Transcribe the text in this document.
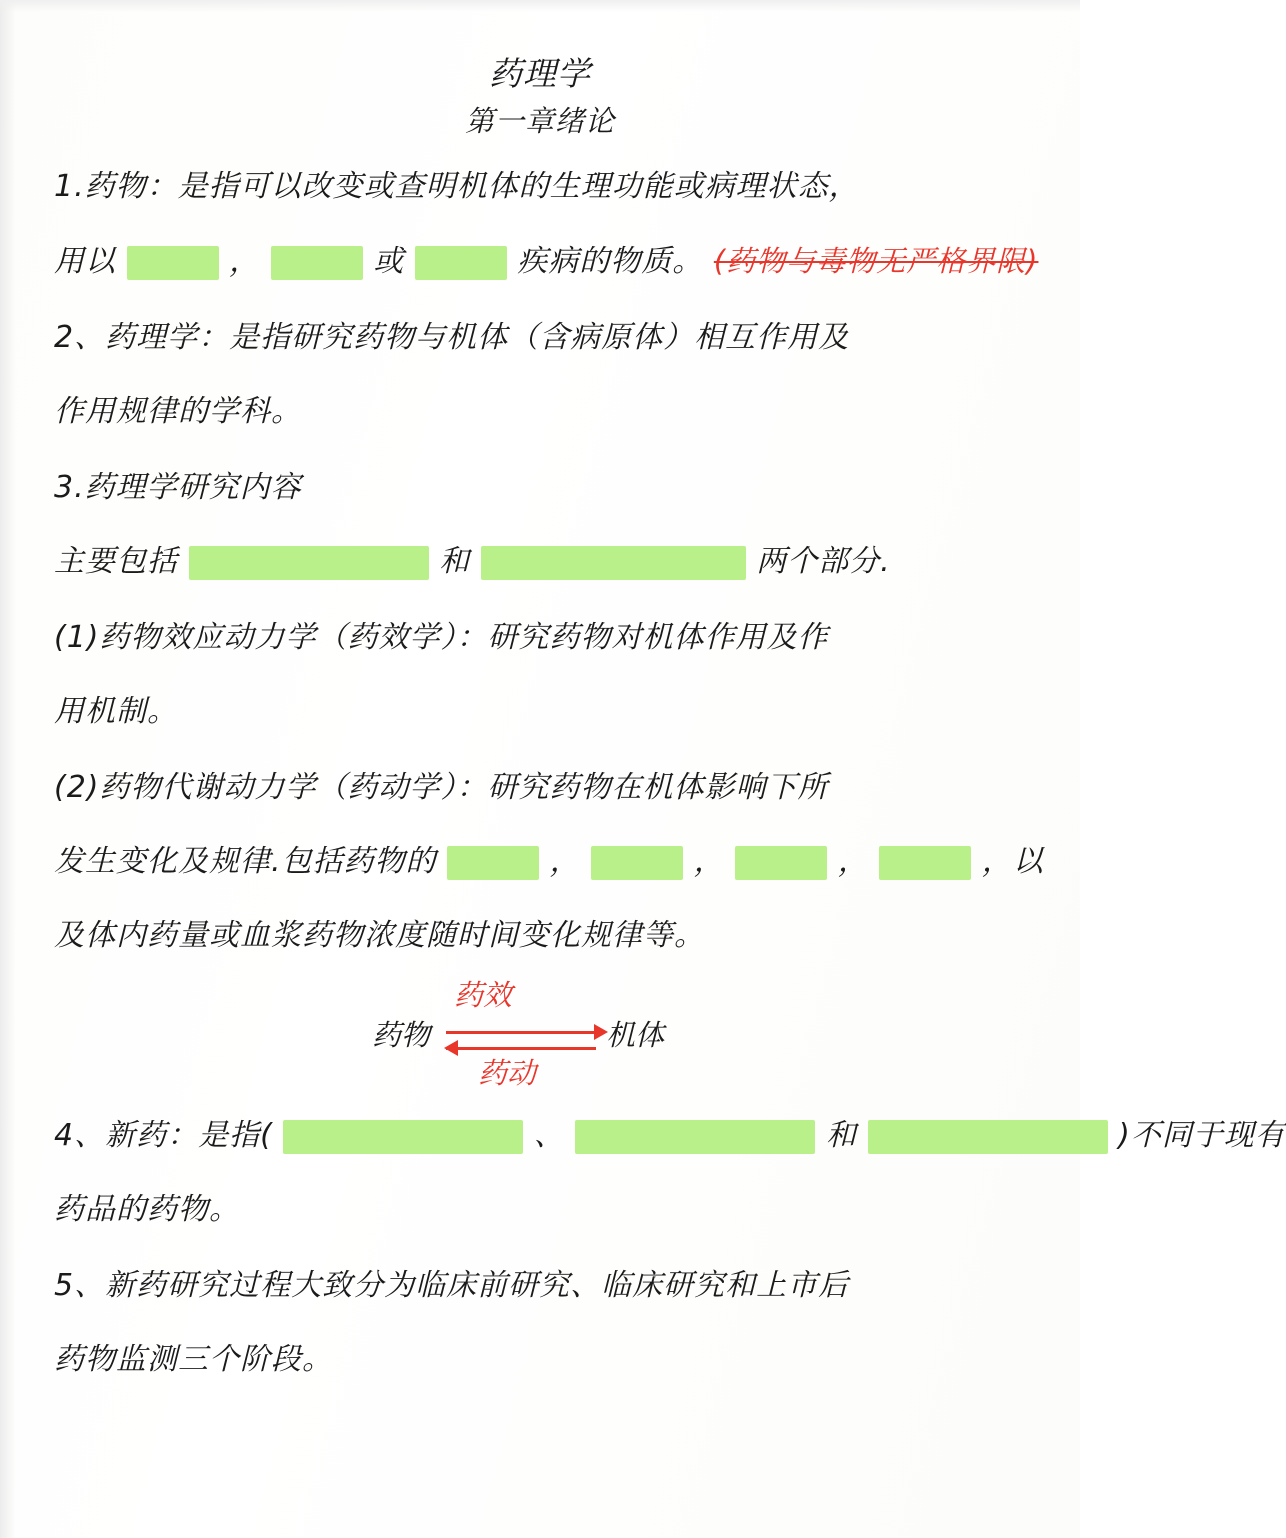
药理学
第一章绪论
1.药物：是指可以改变或查明机体的生理功能或病理状态，
用以	，	或	疾病的物质。 (药物与毒物无严格界限)
2、药理学：是指研究药物与机体（含病原体）相互作用及
作用规律的学科。
3.药理学研究内容
主要包括	和	两个部分.
(1)药物效应动力学（药效学）：研究药物对机体作用及作
用机制。
(2)药物代谢动力学（药动学）：研究药物在机体影响下所
发生变化及规律.包括药物的	，	，	，	，以
及体内药量或血浆药物浓度随时间变化规律等。
药物	机体
药效
药动
4、新药：是指(	、	和	)不同于现有
药品的药物。
5、新药研究过程大致分为临床前研究、临床研究和上市后
药物监测三个阶段。
